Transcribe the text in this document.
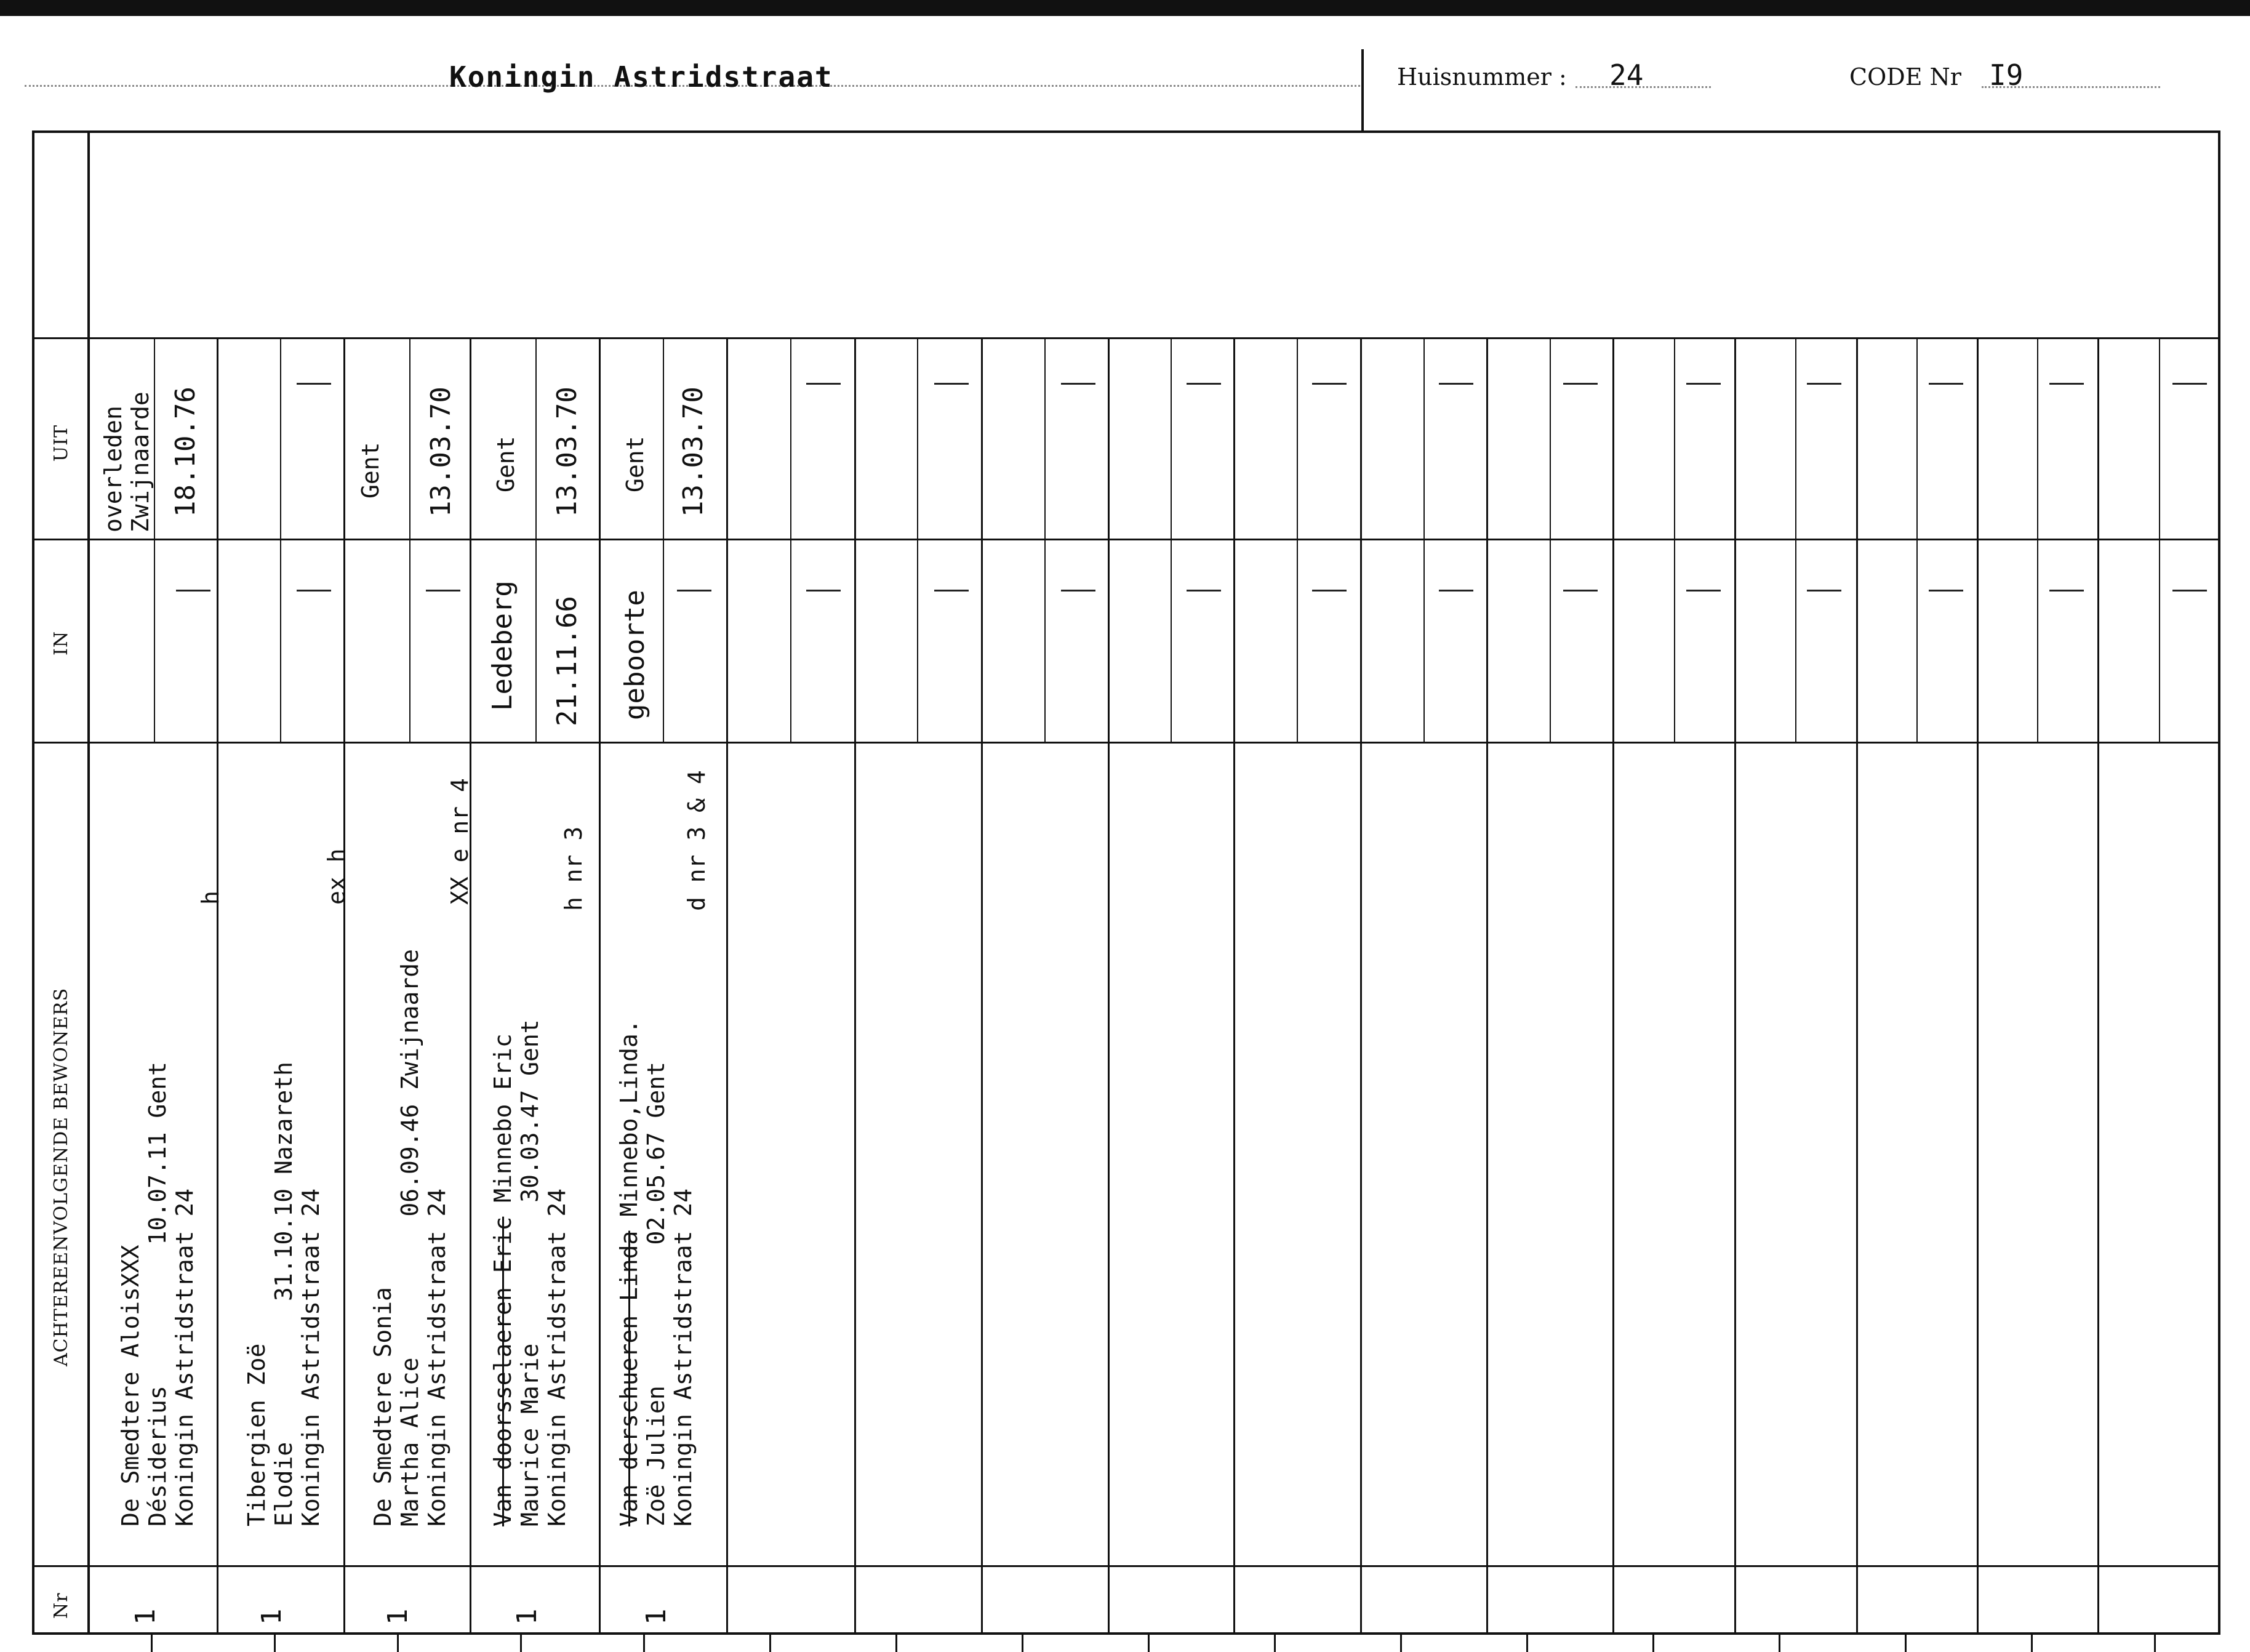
Koningin Astridstraat	Huisnummer : 24	CODE Nr I9
UIT
IN
ACHTEREENVOLGENDE BEWONERS
Nr
overleden
Zwijnaarde 18.10.76
De Smedtere AloisXXX
Désiderius          10.07.11 Gent
Koningin Astridstraat 24
h
1
Tibergien Zoë
Elodie          31.10.10 Nazareth
Koningin Astridstraat 24
ex h
1
Gent 13.03.70
De Smedtere Sonia
Martha Alice          06.09.46 Zwijnaarde
Koningin Astridstraat 24
XX e nr 4
1
Gent 13.03.70
Ledeberg 21.11.66
Van doorsselaeren Eric Minnebo Eric
Maurice Marie          30.03.47 Gent
Koningin Astridstraat 24
h nr 3
1
Gent 13.03.70
geboorte
Van derschueren Linda Minnebo,Linda.
Zoë Julien          02.05.67 Gent
Koningin Astridstraat 24
d nr 3 & 4
1
